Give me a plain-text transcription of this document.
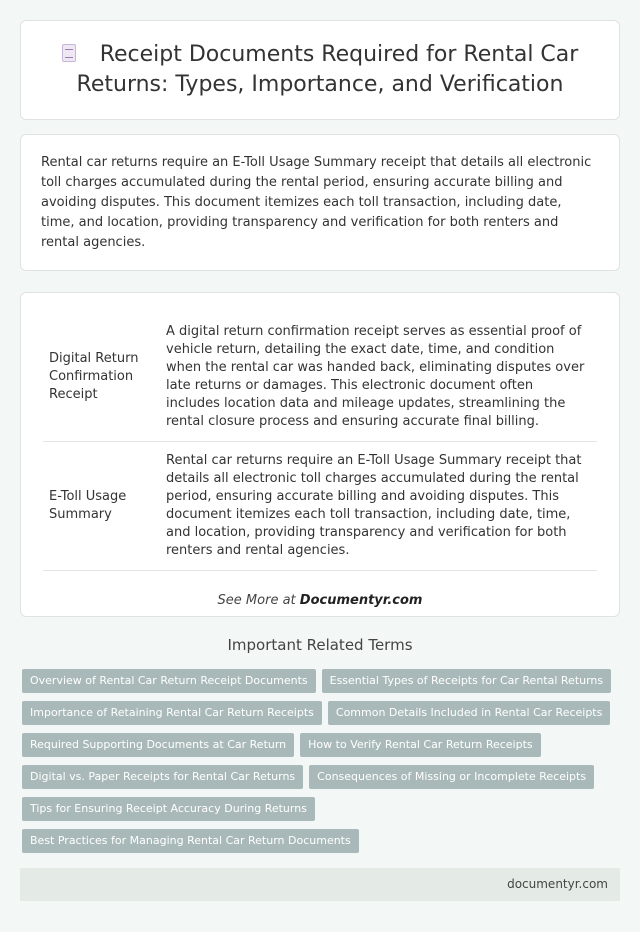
Receipt Documents Required for Rental Car Returns: Types, Importance, and Verification

Rental car returns require an E-Toll Usage Summary receipt that details all electronic toll charges accumulated during the rental period, ensuring accurate billing and avoiding disputes. This document itemizes each toll transaction, including date, time, and location, providing transparency and verification for both renters and rental agencies.

Digital Return Confirmation Receipt	A digital return confirmation receipt serves as essential proof of vehicle return, detailing the exact date, time, and condition when the rental car was handed back, eliminating disputes over late returns or damages. This electronic document often includes location data and mileage updates, streamlining the rental closure process and ensuring accurate final billing.
E-Toll Usage Summary	Rental car returns require an E-Toll Usage Summary receipt that details all electronic toll charges accumulated during the rental period, ensuring accurate billing and avoiding disputes. This document itemizes each toll transaction, including date, time, and location, providing transparency and verification for both renters and rental agencies.
See More at Documentyr.com
Important Related Terms
Overview of Rental Car Return Receipt Documents	Essential Types of Receipts for Car Rental Returns
Importance of Retaining Rental Car Return Receipts	Common Details Included in Rental Car Receipts
Required Supporting Documents at Car Return	How to Verify Rental Car Return Receipts
Digital vs. Paper Receipts for Rental Car Returns	Consequences of Missing or Incomplete Receipts
Tips for Ensuring Receipt Accuracy During Returns
Best Practices for Managing Rental Car Return Documents
documentyr.com
